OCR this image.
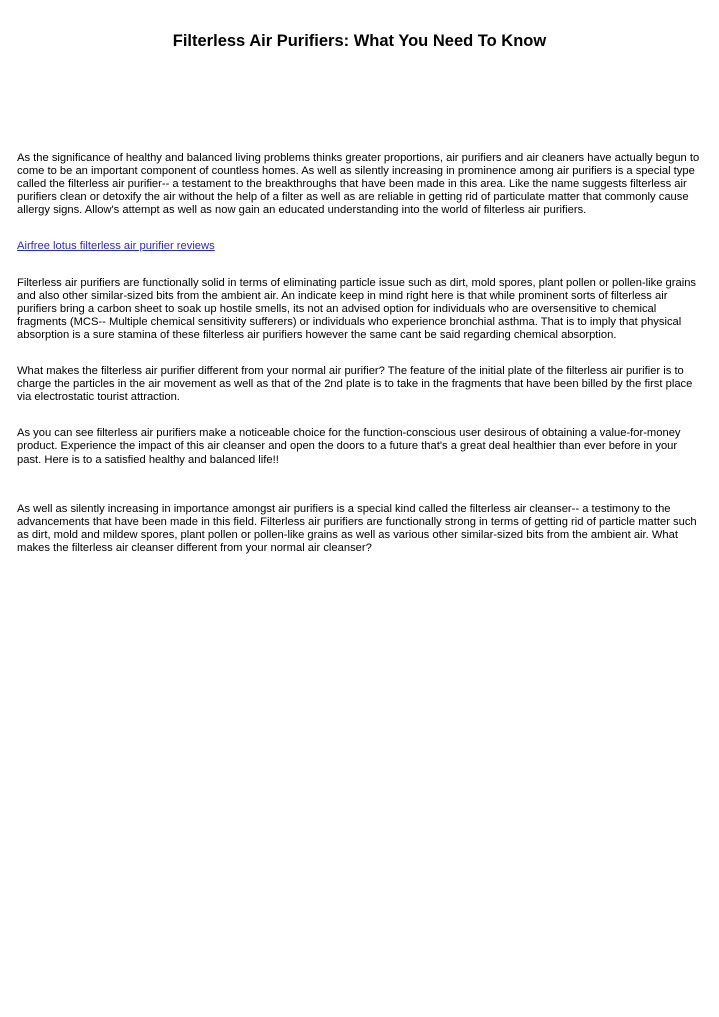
Filterless Air Purifiers: What You Need To Know

As the significance of healthy and balanced living problems thinks greater proportions, air purifiers and air cleaners have actually begun to come to be an important component of countless homes. As well as silently increasing in prominence among air purifiers is a special type called the filterless air purifier-- a testament to the breakthroughs that have been made in this area. Like the name suggests filterless air purifiers clean or detoxify the air without the help of a filter as well as are reliable in getting rid of particulate matter that commonly cause allergy signs. Allow's attempt as well as now gain an educated understanding into the world of filterless air purifiers.

Airfree lotus filterless air purifier reviews

Filterless air purifiers are functionally solid in terms of eliminating particle issue such as dirt, mold spores, plant pollen or pollen-like grains and also other similar-sized bits from the ambient air. An indicate keep in mind right here is that while prominent sorts of filterless air purifiers bring a carbon sheet to soak up hostile smells, its not an advised option for individuals who are oversensitive to chemical fragments (MCS-- Multiple chemical sensitivity sufferers) or individuals who experience bronchial asthma. That is to imply that physical absorption is a sure stamina of these filterless air purifiers however the same cant be said regarding chemical absorption.

What makes the filterless air purifier different from your normal air purifier? The feature of the initial plate of the filterless air purifier is to charge the particles in the air movement as well as that of the 2nd plate is to take in the fragments that have been billed by the first place via electrostatic tourist attraction.

As you can see filterless air purifiers make a noticeable choice for the function-conscious user desirous of obtaining a value-for-money product. Experience the impact of this air cleanser and open the doors to a future that's a great deal healthier than ever before in your past. Here is to a satisfied healthy and balanced life!!

As well as silently increasing in importance amongst air purifiers is a special kind called the filterless air cleanser-- a testimony to the advancements that have been made in this field. Filterless air purifiers are functionally strong in terms of getting rid of particle matter such as dirt, mold and mildew spores, plant pollen or pollen-like grains as well as various other similar-sized bits from the ambient air. What makes the filterless air cleanser different from your normal air cleanser?
